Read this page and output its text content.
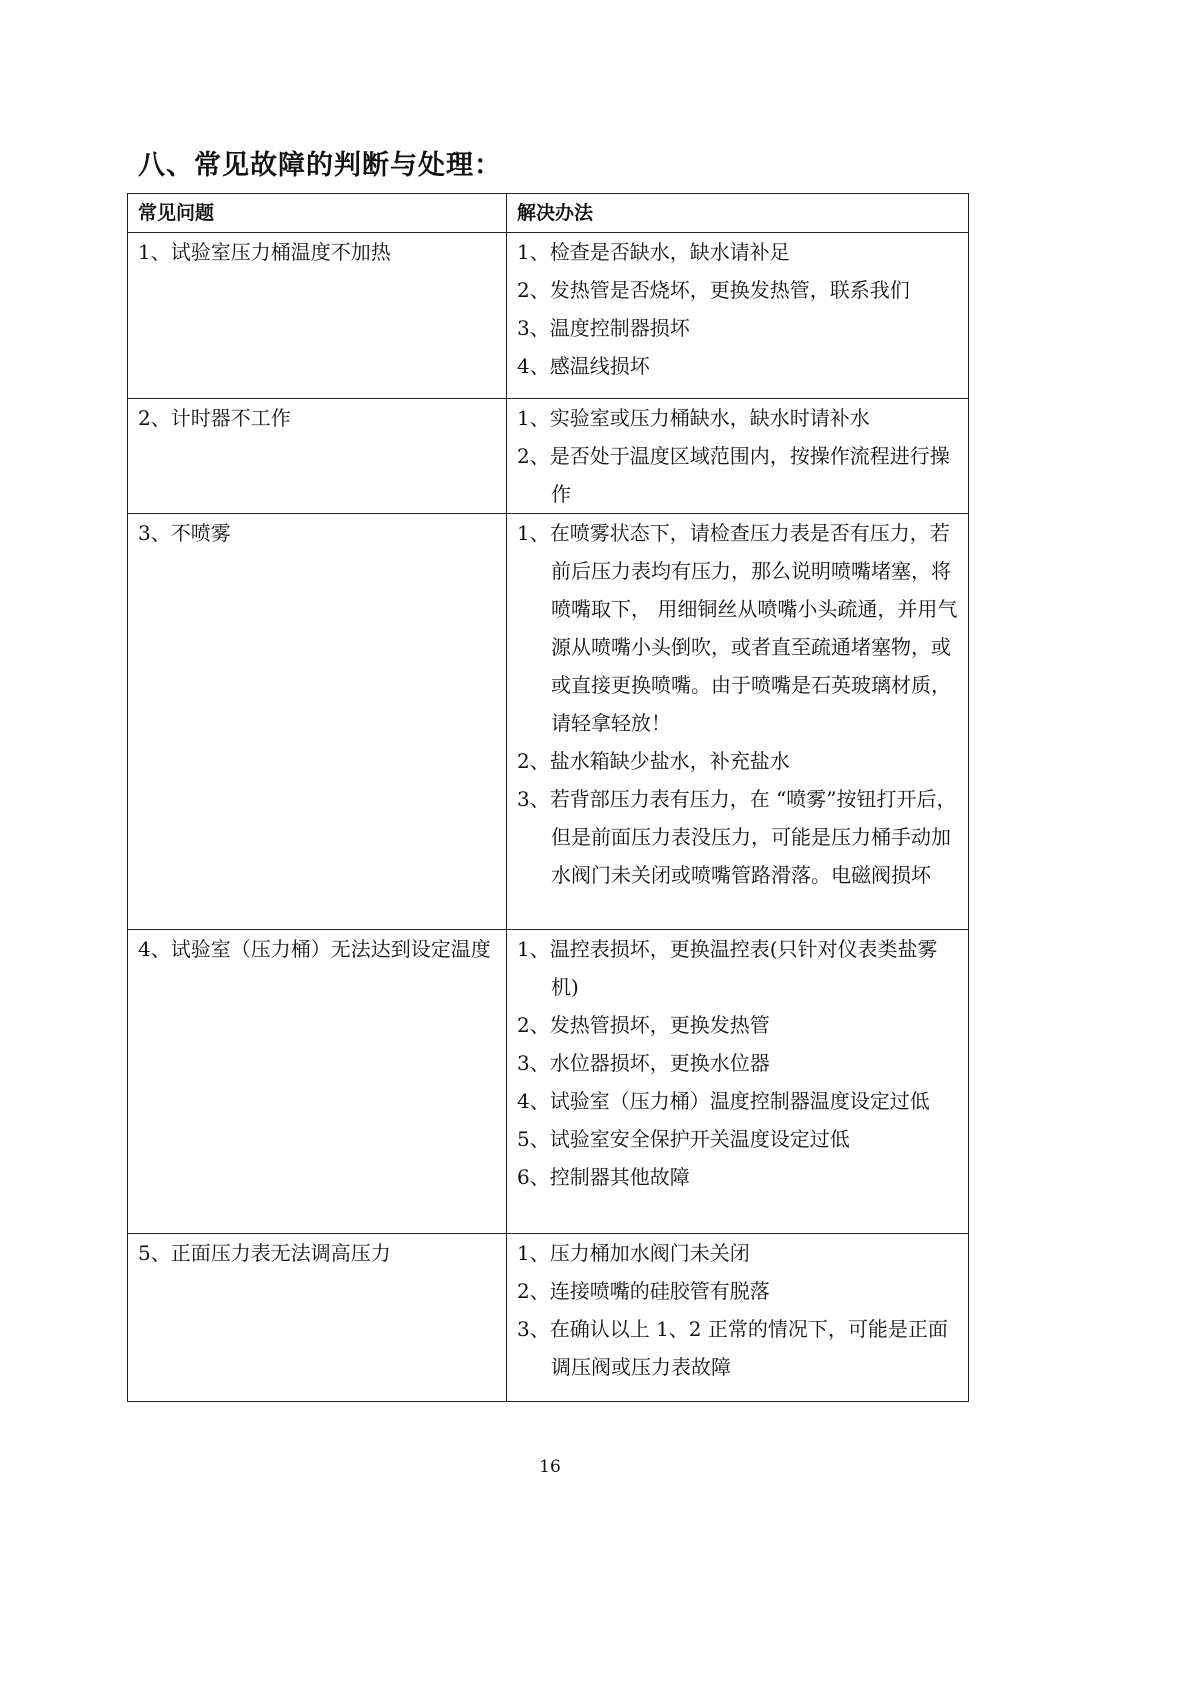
八、常见故障的判断与处理：
常见问题	解决办法
1、试验室压力桶温度不加热	1、检查是否缺水，缺水请补足
2、发热管是否烧坏，更换发热管，联系我们
3、温度控制器损坏
4、感温线损坏

2、计时器不工作	1、实验室或压力桶缺水，缺水时请补水
2、是否处于温度区域范围内，按操作流程进行操作

3、不喷雾	1、在喷雾状态下，请检查压力表是否有压力，若前后压力表均有压力，那么说明喷嘴堵塞，将喷嘴取下， 用细铜丝从喷嘴小头疏通，并用气源从喷嘴小头倒吹，或者直至疏通堵塞物，或或直接更换喷嘴。由于喷嘴是石英玻璃材质，请轻拿轻放！
2、盐水箱缺少盐水，补充盐水
3、若背部压力表有压力，在 “喷雾”按钮打开后，但是前面压力表没压力，可能是压力桶手动加水阀门未关闭或喷嘴管路滑落。电磁阀损坏

4、试验室（压力桶）无法达到设定温度	1、温控表损坏，更换温控表(只针对仪表类盐雾机)
2、发热管损坏，更换发热管
3、水位器损坏，更换水位器
4、试验室（压力桶）温度控制器温度设定过低
5、试验室安全保护开关温度设定过低
6、控制器其他故障

5、正面压力表无法调高压力	1、压力桶加水阀门未关闭
2、连接喷嘴的硅胶管有脱落
3、在确认以上 1、2 正常的情况下，可能是正面调压阀或压力表故障
16
